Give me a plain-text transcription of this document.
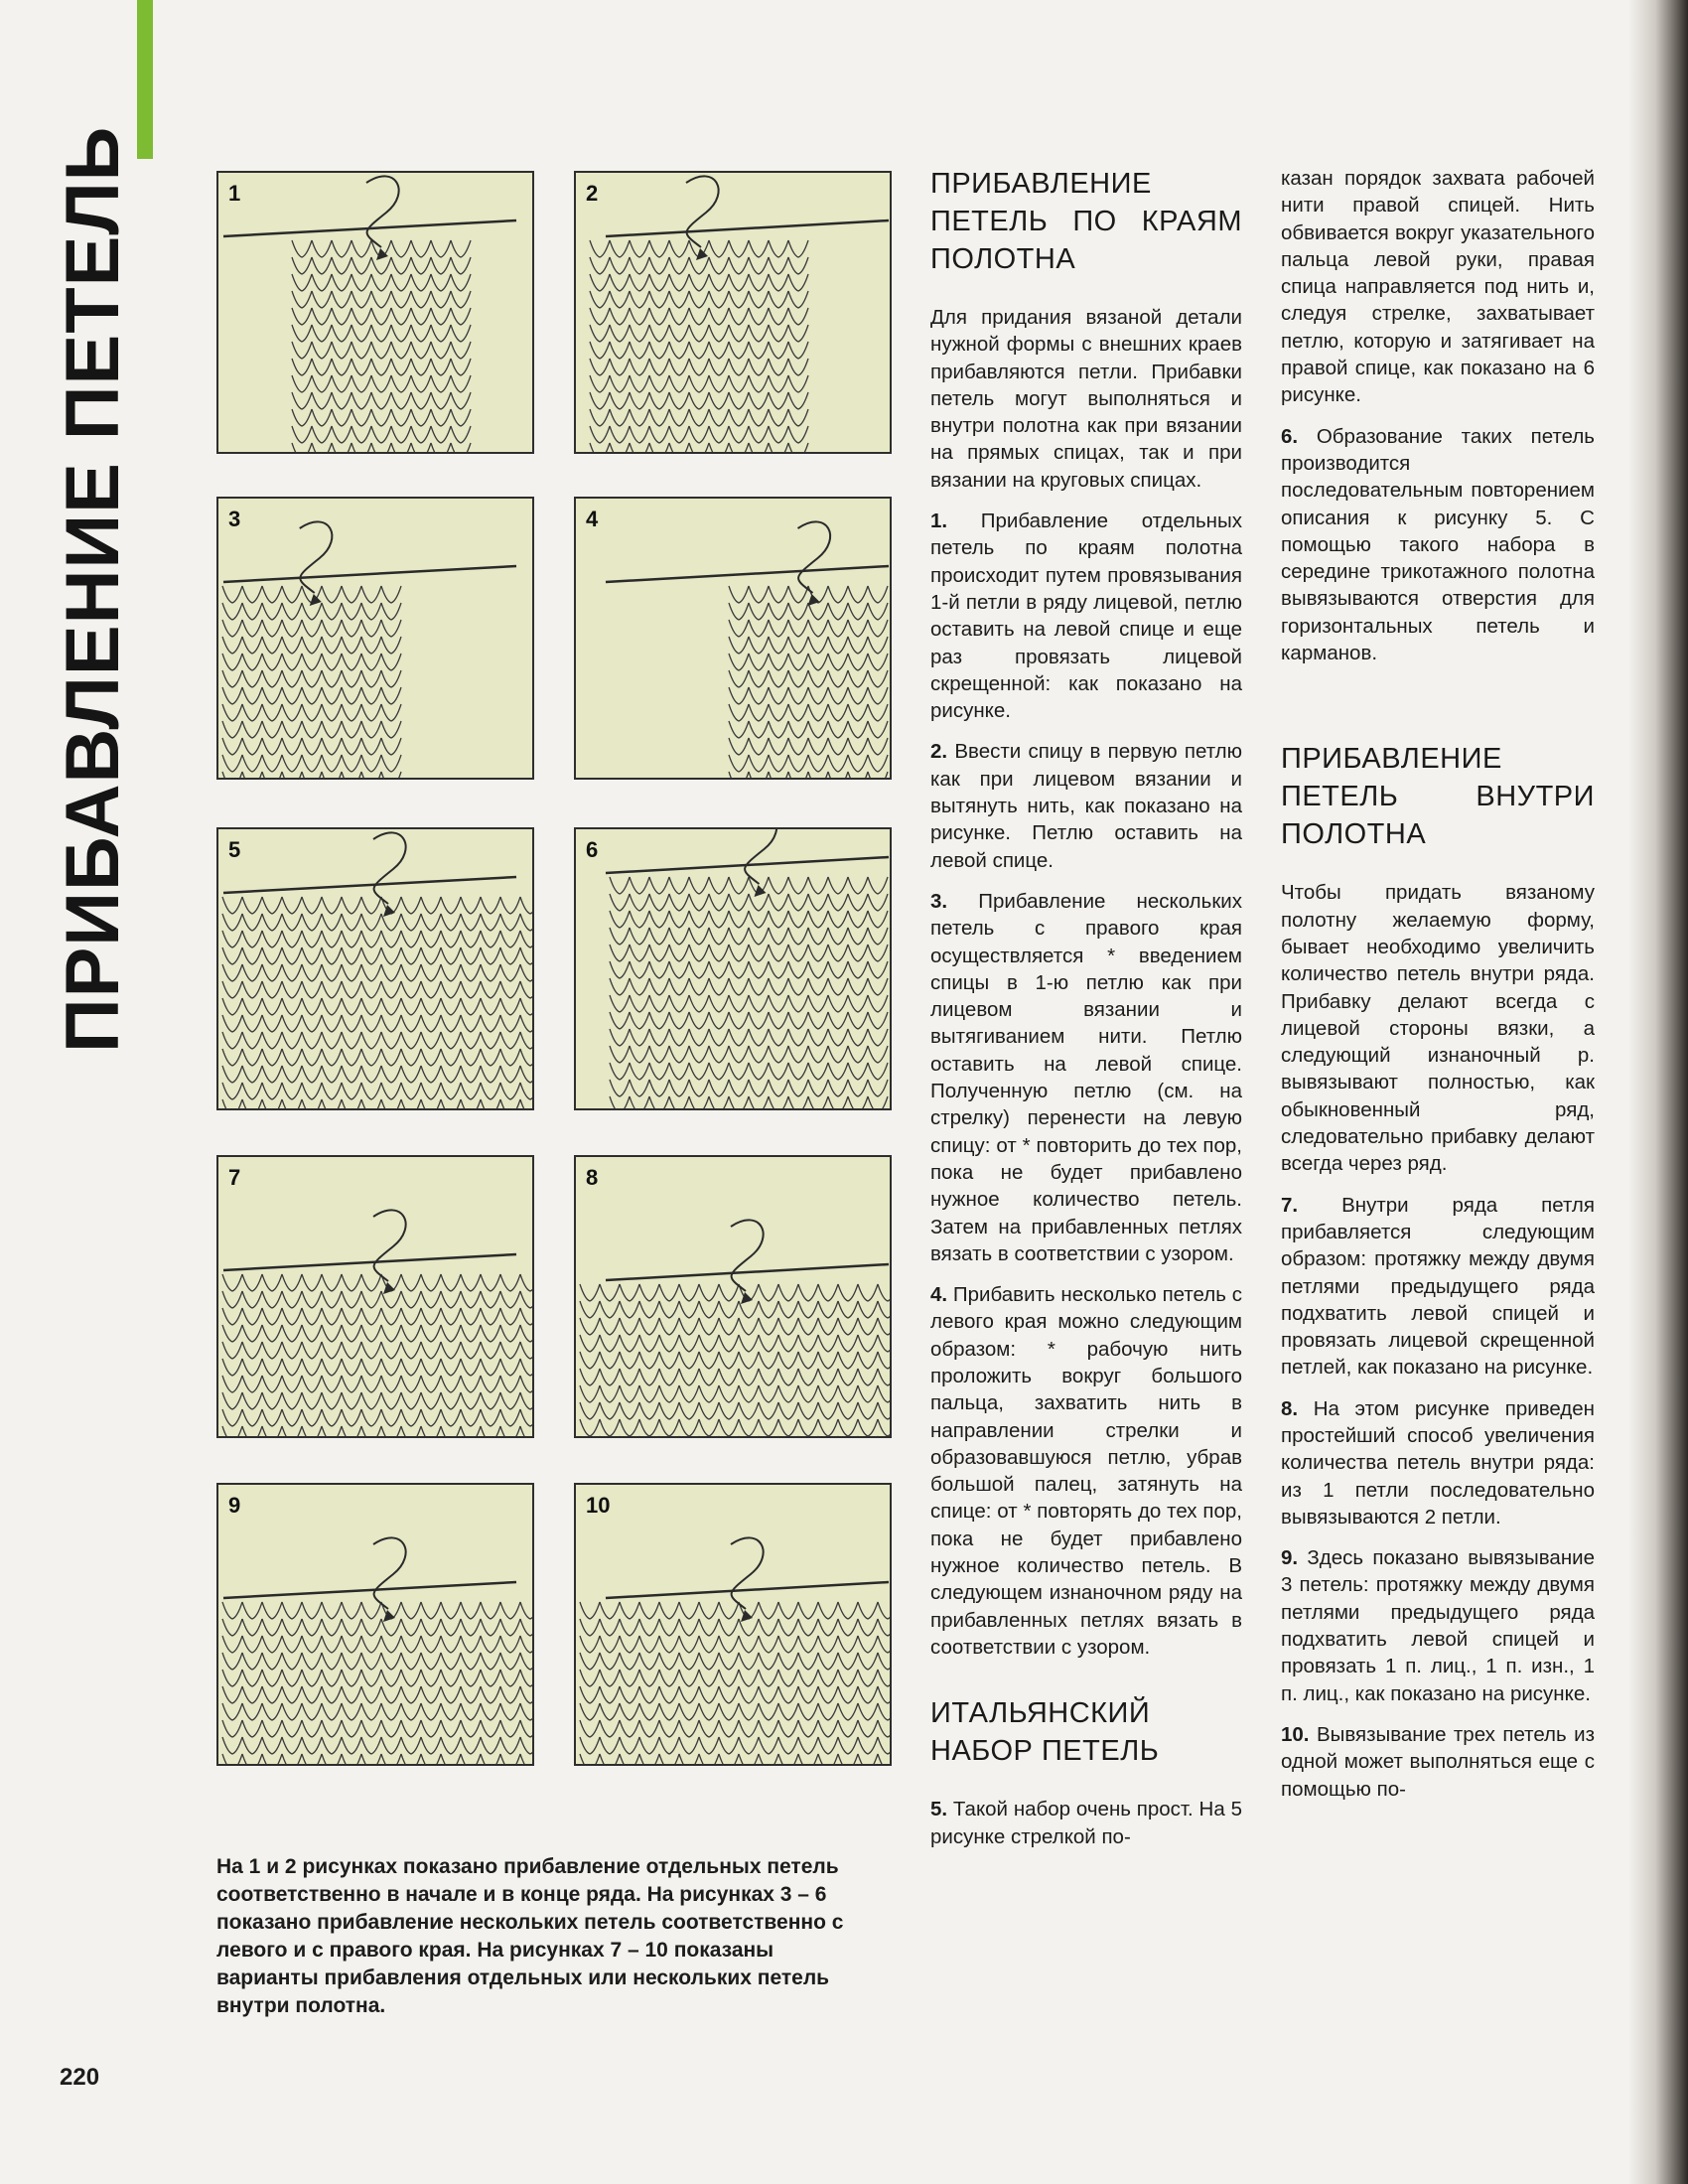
ПРИБАВЛЕНИЕ ПЕТЕЛЬ	1	2
3	4
5	6
7	8
9	10
На 1 и 2 рисунках показано прибавление отдельных петель соответственно в начале и в конце ряда. На рисунках 3 – 6 показано прибавление нескольких петель соответственно с левого и с правого края. На рисунках 7 – 10 показаны варианты прибавления отдельных или нескольких петель внутри полотна.
ПРИБАВЛЕНИЕ ПЕТЕЛЬ ПО КРАЯМ ПОЛОТНА

Для придания вязаной детали нужной формы с внешних краев прибавляются петли. Прибавки петель могут выполняться и внутри полотна как при вязании на прямых спицах, так и при вязании на круговых спицах.

1. Прибавление отдельных петель по краям полотна происходит путем провязывания 1-й петли в ряду лицевой, петлю оставить на левой спице и еще раз провязать лицевой скрещенной: как показано на рисунке.

2. Ввести спицу в первую петлю как при лицевом вязании и вытянуть нить, как показано на рисунке. Петлю оставить на левой спице.

3. Прибавление нескольких петель с правого края осуществляется * введением спицы в 1-ю петлю как при лицевом вязании и вытягиванием нити. Петлю оставить на левой спице. Полученную петлю (см. на стрелку) перенести на левую спицу: от * повторить до тех пор, пока не будет прибавлено нужное количество петель. Затем на прибавленных петлях вязать в соответствии с узором.

4. Прибавить несколько петель с левого края можно следующим образом: * рабочую нить проложить вокруг большого пальца, захватить нить в направлении стрелки и образовавшуюся петлю, убрав большой палец, затянуть на спице: от * повторять до тех пор, пока не будет прибавлено нужное количество петель. В следующем изнаночном ряду на прибавленных петлях вязать в соответствии с узором.

ИТАЛЬЯНСКИЙ НАБОР ПЕТЕЛЬ

5. Такой набор очень прост. На 5 рисунке стрелкой по-

казан порядок захвата рабочей нити правой спицей. Нить обвивается вокруг указательного пальца левой руки, правая спица направляется под нить и, следуя стрелке, захватывает петлю, которую и затягивает на правой спице, как показано на 6 рисунке.

6. Образование таких петель производится последовательным повторением описания к рисунку 5. С помощью такого набора в середине трикотажного полотна вывязываются отверстия для горизонтальных петель и карманов.

ПРИБАВЛЕНИЕ ПЕТЕЛЬ ВНУТРИ ПОЛОТНА

Чтобы придать вязаному полотну желаемую форму, бывает необходимо увеличить количество петель внутри ряда. Прибавку делают всегда с лицевой стороны вязки, а следующий изнаночный р. вывязывают полностью, как обыкновенный ряд, следовательно прибавку делают всегда через ряд.

7. Внутри ряда петля прибавляется следующим образом: протяжку между двумя петлями предыдущего ряда подхватить левой спицей и провязать лицевой скрещенной петлей, как показано на рисунке.

8. На этом рисунке приведен простейший способ увеличения количества петель внутри ряда: из 1 петли последовательно вывязываются 2 петли.

9. Здесь показано вывязывание 3 петель: протяжку между двумя петлями предыдущего ряда подхватить левой спицей и провязать 1 п. лиц., 1 п. изн., 1 п. лиц., как показано на рисунке.

10. Вывязывание трех петель из одной может выполняться еще с помощью по-

220
